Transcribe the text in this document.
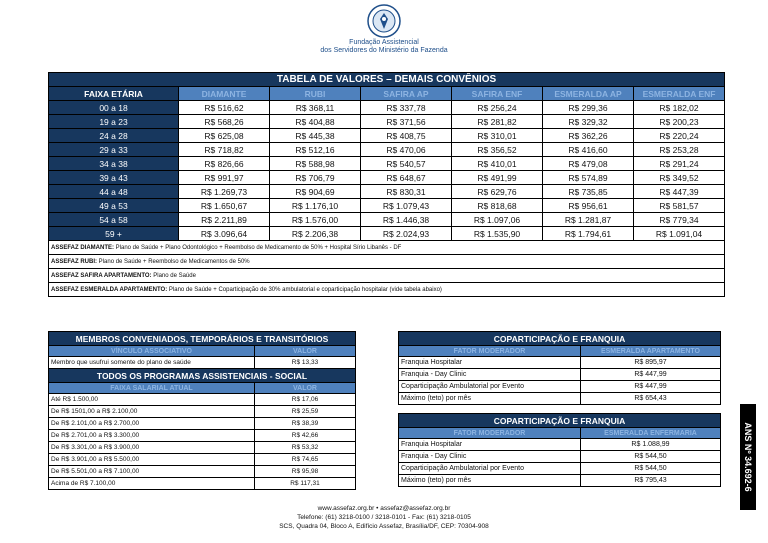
Fundação Assistencial
dos Servidores do Ministério da Fazenda
TABELA DE VALORES – DEMAIS CONVÊNIOS						
FAIXA ETÁRIA	DIAMANTE	RUBI	SAFIRA AP	SAFIRA ENF	ESMERALDA AP	ESMERALDA ENF
00 a 18	R$ 516,62	R$ 368,11	R$ 337,78	R$ 256,24	R$ 299,36	R$ 182,02
19 a 23	R$ 568,26	R$ 404,88	R$ 371,56	R$ 281,82	R$ 329,32	R$ 200,23
24 a 28	R$ 625,08	R$ 445,38	R$ 408,75	R$ 310,01	R$ 362,26	R$ 220,24
29 a 33	R$ 718,82	R$ 512,16	R$ 470,06	R$ 356,52	R$ 416,60	R$ 253,28
34 a 38	R$ 826,66	R$ 588,98	R$ 540,57	R$ 410,01	R$ 479,08	R$ 291,24
39 a 43	R$ 991,97	R$ 706,79	R$ 648,67	R$ 491,99	R$ 574,89	R$ 349,52
44 a 48	R$ 1.269,73	R$ 904,69	R$ 830,31	R$ 629,76	R$ 735,85	R$ 447,39
49 a 53	R$ 1.650,67	R$ 1.176,10	R$ 1.079,43	R$ 818,68	R$ 956,61	R$ 581,57
54 a 58	R$ 2.211,89	R$ 1.576,00	R$ 1.446,38	R$ 1.097,06	R$ 1.281,87	R$ 779,34
59 +	R$ 3.096,64	R$ 2.206,38	R$ 2.024,93	R$ 1.535,90	R$ 1.794,61	R$ 1.091,04
ASSEFAZ DIAMANTE: Plano de Saúde + Plano Odontológico + Reembolso de Medicamento de 50% + Hospital Sírio Libanês - DF						
ASSEFAZ RUBI: Plano de Saúde + Reembolso de Medicamentos de 50%						
ASSEFAZ SAFIRA APARTAMENTO: Plano de Saúde						
ASSEFAZ ESMERALDA APARTAMENTO: Plano de Saúde + Coparticipação de 30% ambulatorial e coparticipação hospitalar (vide tabela abaixo)						
MEMBROS CONVENIADOS, TEMPORÁRIOS E TRANSITÓRIOS	
VÍNCULO ASSOCIATIVO	VALOR
Membro que usufrui somente do plano de saúde	R$ 13,33
TODOS OS PROGRAMAS ASSISTENCIAIS - SOCIAL	
FAIXA SALARIAL ATUAL	VALOR
Até R$ 1.500,00	R$ 17,06
De R$ 1501,00 a R$ 2.100,00	R$ 25,59
De R$ 2.101,00 a R$ 2.700,00	R$ 38,39
De R$ 2.701,00 a R$ 3.300,00	R$ 42,66
De R$ 3.301,00 a R$ 3.900,00	R$ 53,32
De R$ 3.901,00 a R$ 5.500,00	R$ 74,65
De R$ 5.501,00 a R$ 7.100,00	R$ 95,98
Acima de R$ 7.100,00	R$ 117,31
COPARTICIPAÇÃO E FRANQUIA	
FATOR MODERADOR	ESMERALDA APARTAMENTO
Franquia Hospitalar	R$ 895,97
Franquia - Day Clinic	R$ 447,99
Coparticipação Ambulatorial por Evento	R$ 447,99
Máximo (teto) por mês	R$ 654,43
COPARTICIPAÇÃO E FRANQUIA	
FATOR MODERADOR	ESMERALDA ENFERMARIA
Franquia Hospitalar	R$ 1.088,99
Franquia - Day Clinic	R$ 544,50
Coparticipação Ambulatorial por Evento	R$ 544,50
Máximo (teto) por mês	R$ 795,43
www.assefaz.org.br • assefaz@assefaz.org.br
Telefone: (61) 3218-0100 / 3218-0101 - Fax: (61) 3218-0105
SCS, Quadra 04, Bloco A, Edifício Assefaz, Brasília/DF, CEP: 70304-908
ANS Nº 34.692-6
